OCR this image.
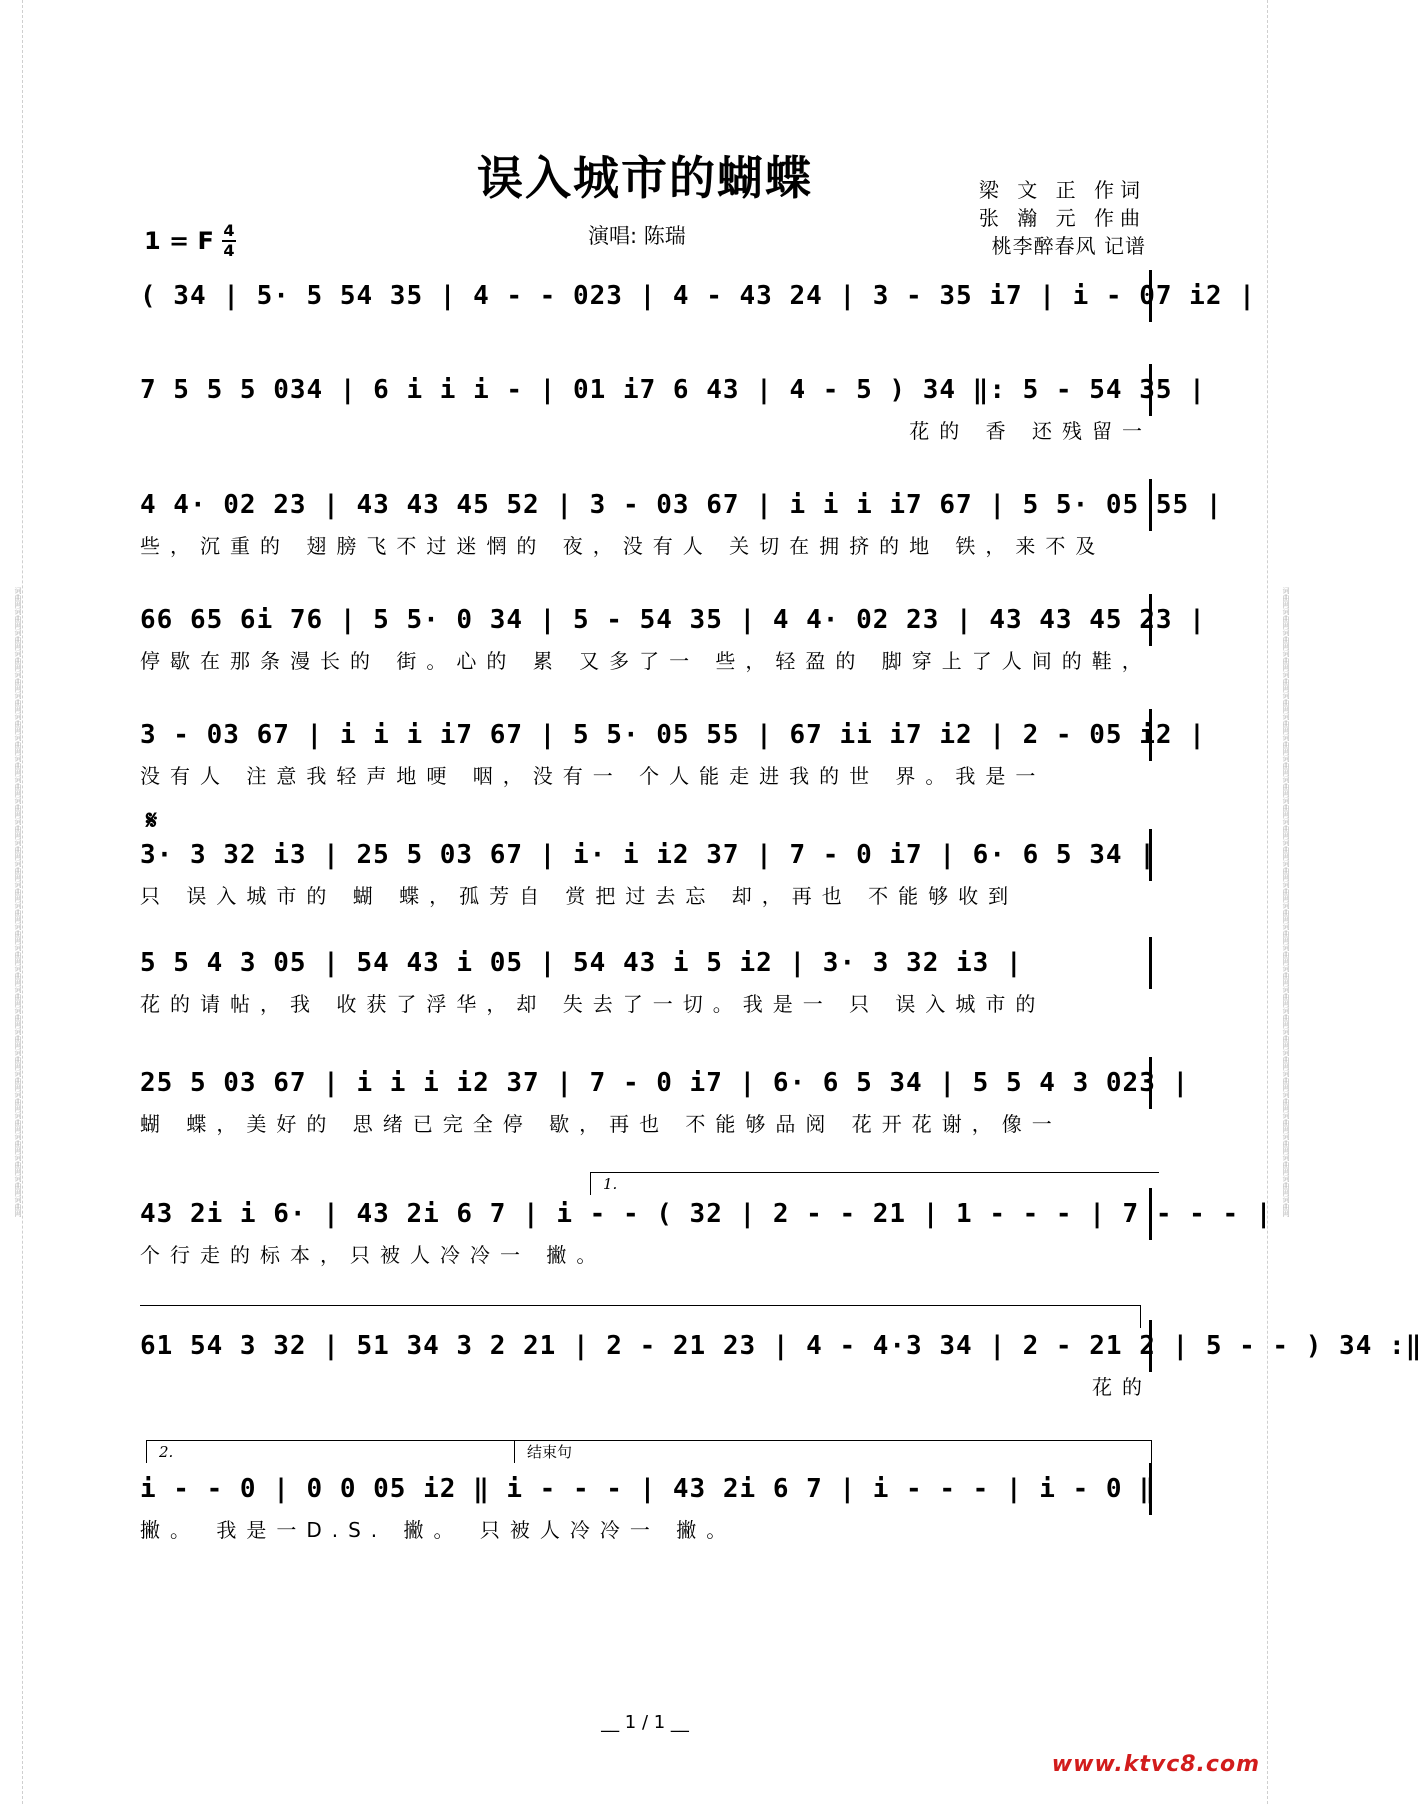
词曲网词曲网词曲网词曲网词曲网词曲网词曲网词曲网词曲网词曲网词曲网词曲网词曲网词曲网词曲网词曲网词曲网词曲网词曲网词曲网词曲网词曲网词曲网词曲网词曲网词曲网词曲网词曲网词曲网词曲网	词曲网词曲网词曲网词曲网词曲网词曲网词曲网词曲网词曲网词曲网词曲网词曲网词曲网词曲网词曲网词曲网词曲网词曲网词曲网词曲网词曲网词曲网词曲网词曲网词曲网词曲网词曲网词曲网词曲网词曲网
误入城市的蝴蝶	梁 文 正 作词
张 瀚 元 作曲
桃李醉春风 记谱
1 = F 4
4
演唱: 陈瑞
( 34 | 5· 5 54 35 | 4 - - 023 | 4 - 43 24 | 3 - 35 i7 | i - 07 i2 |
7 5 5 5 034 | 6 i i i - | 01 i7 6 43 | 4 - 5 ) 34 ‖: 5 - 54 35 |
花的 香 还残留一
4 4· 02 23 | 43 43 45 52 | 3 - 03 67 | i i i i7 67 | 5 5· 05 55 |
些，沉重的 翅膀飞不过迷惘的 夜，没有人 关切在拥挤的地 铁，来不及
66 65 6i 76 | 5 5· 0 34 | 5 - 54 35 | 4 4· 02 23 | 43 43 45 23 |
停歇在那条漫长的 街。心的 累 又多了一 些，轻盈的 脚穿上了人间的鞋，
3 - 03 67 | i i i i7 67 | 5 5· 05 55 | 67 ii i7 i2 | 2 - 05 i2 |
没有人 注意我轻声地哽 咽，没有一 个人能走进我的世 界。我是一
𝄋
3· 3 32 i3 | 25 5 03 67 | i· i i2 37 | 7 - 0 i7 | 6· 6 5 34 |
只 误入城市的 蝴 蝶，孤芳自 赏把过去忘 却，再也 不能够收到
5 5 4 3 05 | 54 43 i 05 | 54 43 i 5 i2 | 3· 3 32 i3 |
花的请帖，我 收获了浮华，却 失去了一切。我是一 只 误入城市的
25 5 03 67 | i i i i2 37 | 7 - 0 i7 | 6· 6 5 34 | 5 5 4 3 023 |
蝴 蝶，美好的 思绪已完全停 歇，再也 不能够品阅 花开花谢，像一
1.
43 2i i 6· | 43 2i 6 7 | i - - ( 32 | 2 - - 21 | 1 - - - | 7 - - - |
个行走的标本，只被人冷冷一 撇。
61 54 3 32 | 51 34 3 2 21 | 2 - 21 23 | 4 - 4·3 34 | 2 - 21 2 | 5 - - ) 34 :‖
花的
2.	结束句
i - - 0 | 0 0 05 i2 ‖ i - - - | 43 2i 6 7 | i - - - | i - 0 ‖
撇。 我是一D.S. 撇。 只被人冷冷一 撇。
__ 1 / 1 __
www.ktvc8.com
